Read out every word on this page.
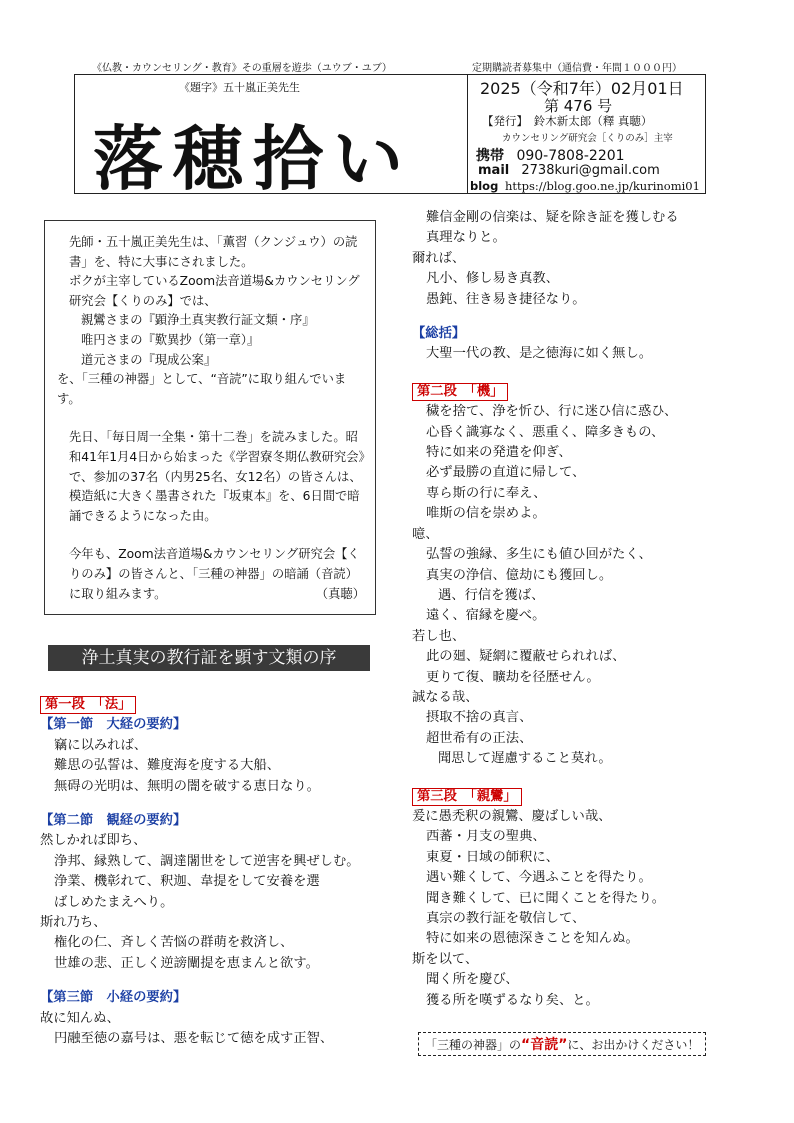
《仏教・カウンセリング・教育》その重層を遊歩（ユウブ・ユブ）	定期購読者募集中（通信費・年間１０００円）
《題字》五十嵐正美先生
落穂拾い
2025（令和7年）02月01日
第 476 号
【発行】　鈴木新太郎（釋 真聴）
カウンセリング研究会［くりのみ］主宰
携帯 090-7808-2201
mail 2738kuri@gmail.com
blog https://blog.goo.ne.jp/kurinomi01

先師・五十嵐正美先生は、「薫習（クンジュウ）の読書」を、特に大事にされました。

ボクが主宰しているZoom法音道場&カウンセリング研究会【くりのみ】では、

親鸞さまの『顕浄土真実教行証文類・序』

唯円さまの『歎異抄（第一章）』

道元さまの『現成公案』

を、「三種の神器」として、“音読”に取り組んでいます。

先日、「毎日周一全集・第十二巻」を読みました。昭和41年1月4日から始まった《学習寮冬期仏教研究会》で、参加の37名（内男25名、女12名）の皆さんは、模造紙に大きく墨書された『坂東本』を、6日間で暗誦できるようになった由。

今年も、Zoom法音道場&カウンセリング研究会【くりのみ】の皆さんと、「三種の神器」の暗誦（音読）に取り組みます。	（真聴）

浄土真実の教行証を顕す文類の序

第一段　「法」

【第一節　大経の要約】

竊に以みれば、

難思の弘誓は、難度海を度する大船、

無碍の光明は、無明の闇を破する恵日なり。

【第二節　観経の要約】

然しかれば即ち、

浄邦、縁熟して、調達闍世をして逆害を興ぜしむ。

浄業、機彰れて、釈迦、韋提をして安養を選

ばしめたまえへり。

斯れ乃ち、

権化の仁、斉しく苦悩の群萌を救済し、

世雄の悲、正しく逆謗闡提を恵まんと欲す。

【第三節　小経の要約】

故に知んぬ、

円融至徳の嘉号は、悪を転じて徳を成す正智、

難信金剛の信楽は、疑を除き証を獲しむる

真理なりと。

爾れば、

凡小、修し易き真教、

愚鈍、往き易き捷径なり。

【総括】

大聖一代の教、是之徳海に如く無し。

第二段　「機」

穢を捨て、浄を忻ひ、行に迷ひ信に惑ひ、

心昏く識寡なく、悪重く、障多きもの、

特に如来の発遣を仰ぎ、

必ず最勝の直道に帰して、

専ら斯の行に奉え、

唯斯の信を崇めよ。

噫、

弘誓の強縁、多生にも値ひ回がたく、

真実の浄信、億劫にも獲回し。

遇、行信を獲ば、

遠く、宿縁を慶べ。

若し也、

此の廻、疑網に覆蔽せられれば、

更りて復、曠劫を径歴せん。

誠なる哉、

摂取不捨の真言、

超世希有の正法、

聞思して遅慮すること莫れ。

第三段　「親鸞」

爰に愚禿釈の親鸞、慶ばしい哉、

西蕃・月支の聖典、

東夏・日域の師釈に、

遇い難くして、今遇ふことを得たり。

聞き難くして、已に聞くことを得たり。

真宗の教行証を敬信して、

特に如来の恩徳深きことを知んぬ。

斯を以て、

聞く所を慶び、

獲る所を嘆ずるなり矣、と。

「三種の神器」の“音読”に、お出かけください！
